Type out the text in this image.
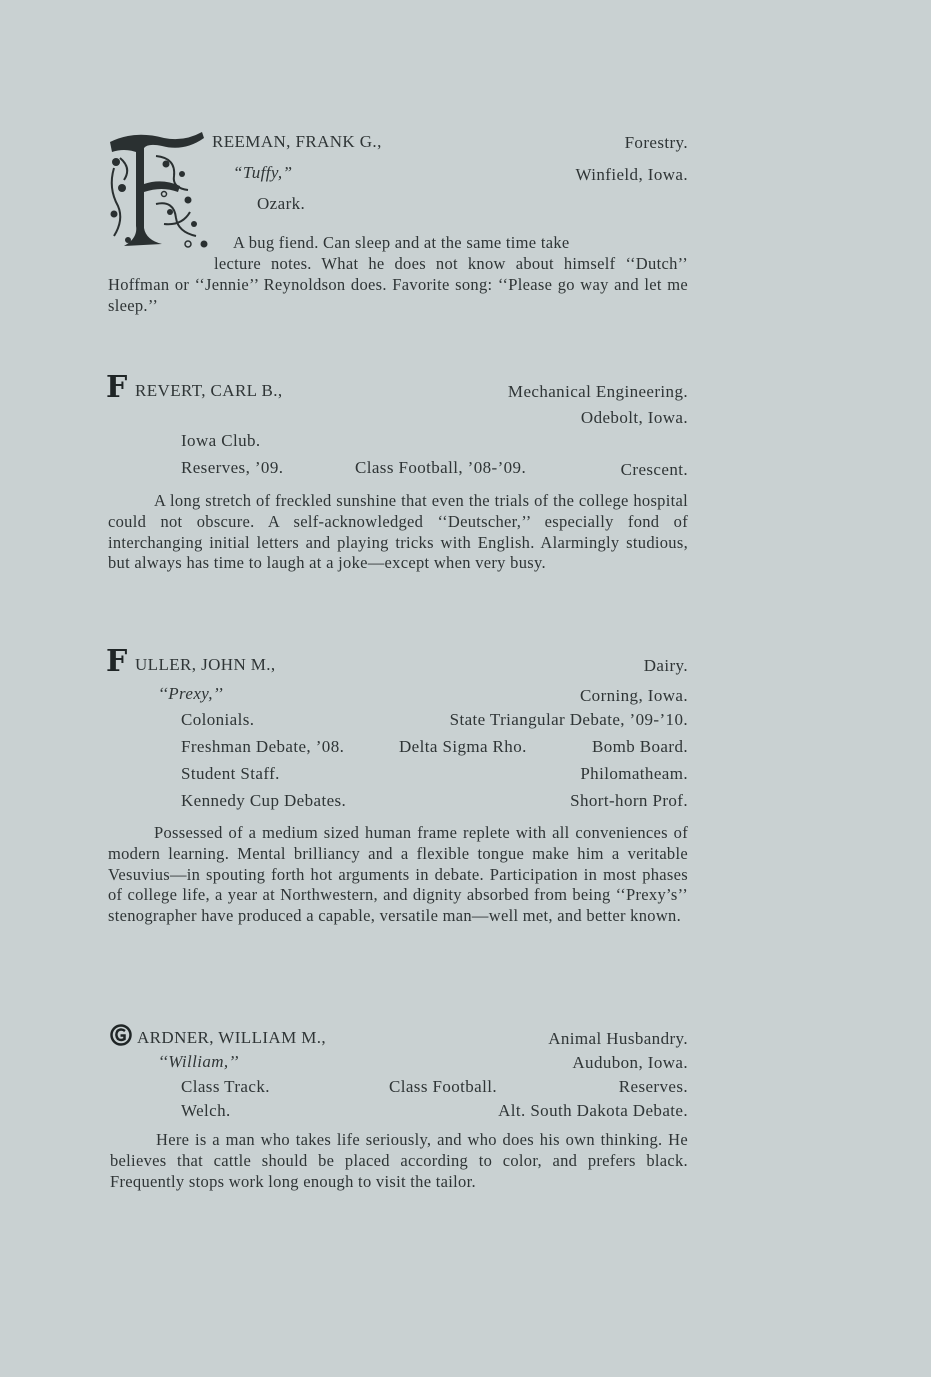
REEMAN, FRANK G.,	Forestry.
“Tuffy,”	Winfield, Iowa.
Ozark.
A bug fiend. Can sleep and at the same time take
lecture notes. What he does not know about himself ‘‘Dutch’’ Hoffman or ‘‘Jennie’’ Reynoldson does. Favorite song: ‘‘Please go way and let me sleep.’’
F REVERT, CARL B.,	Mechanical Engineering.
Odebolt, Iowa.
Iowa Club.
Reserves, ’09.	Class Football, ’08-’09.	Crescent.
A long stretch of freckled sunshine that even the trials of the college hospital could not obscure. A self-acknowledged ‘‘Deutscher,’’ especially fond of interchanging initial letters and playing tricks with English. Alarmingly studious, but always has time to laugh at a joke—except when very busy.
F ULLER, JOHN M.,	Dairy.
‘‘Prexy,’’	Corning, Iowa.
Colonials.	State Triangular Debate, ’09-’10.
Freshman Debate, ’08.	Delta Sigma Rho.	Bomb Board.
Student Staff.	Philomatheam.
Kennedy Cup Debates.	Short-horn Prof.
Possessed of a medium sized human frame replete with all conveniences of modern learning. Mental brilliancy and a flexible tongue make him a veritable Vesuvius—in spouting forth hot arguments in debate. Participation in most phases of college life, a year at Northwestern, and dignity absorbed from being ‘‘Prexy’s’’ stenographer have produced a capable, versatile man—well met, and better known.
ARDNER, WILLIAM M.,	Animal Husbandry.
‘‘William,’’	Audubon, Iowa.
Class Track.	Class Football.	Reserves.
Welch.	Alt. South Dakota Debate.
Here is a man who takes life seriously, and who does his own thinking. He believes that cattle should be placed according to color, and prefers black. Frequently stops work long enough to visit the tailor.
